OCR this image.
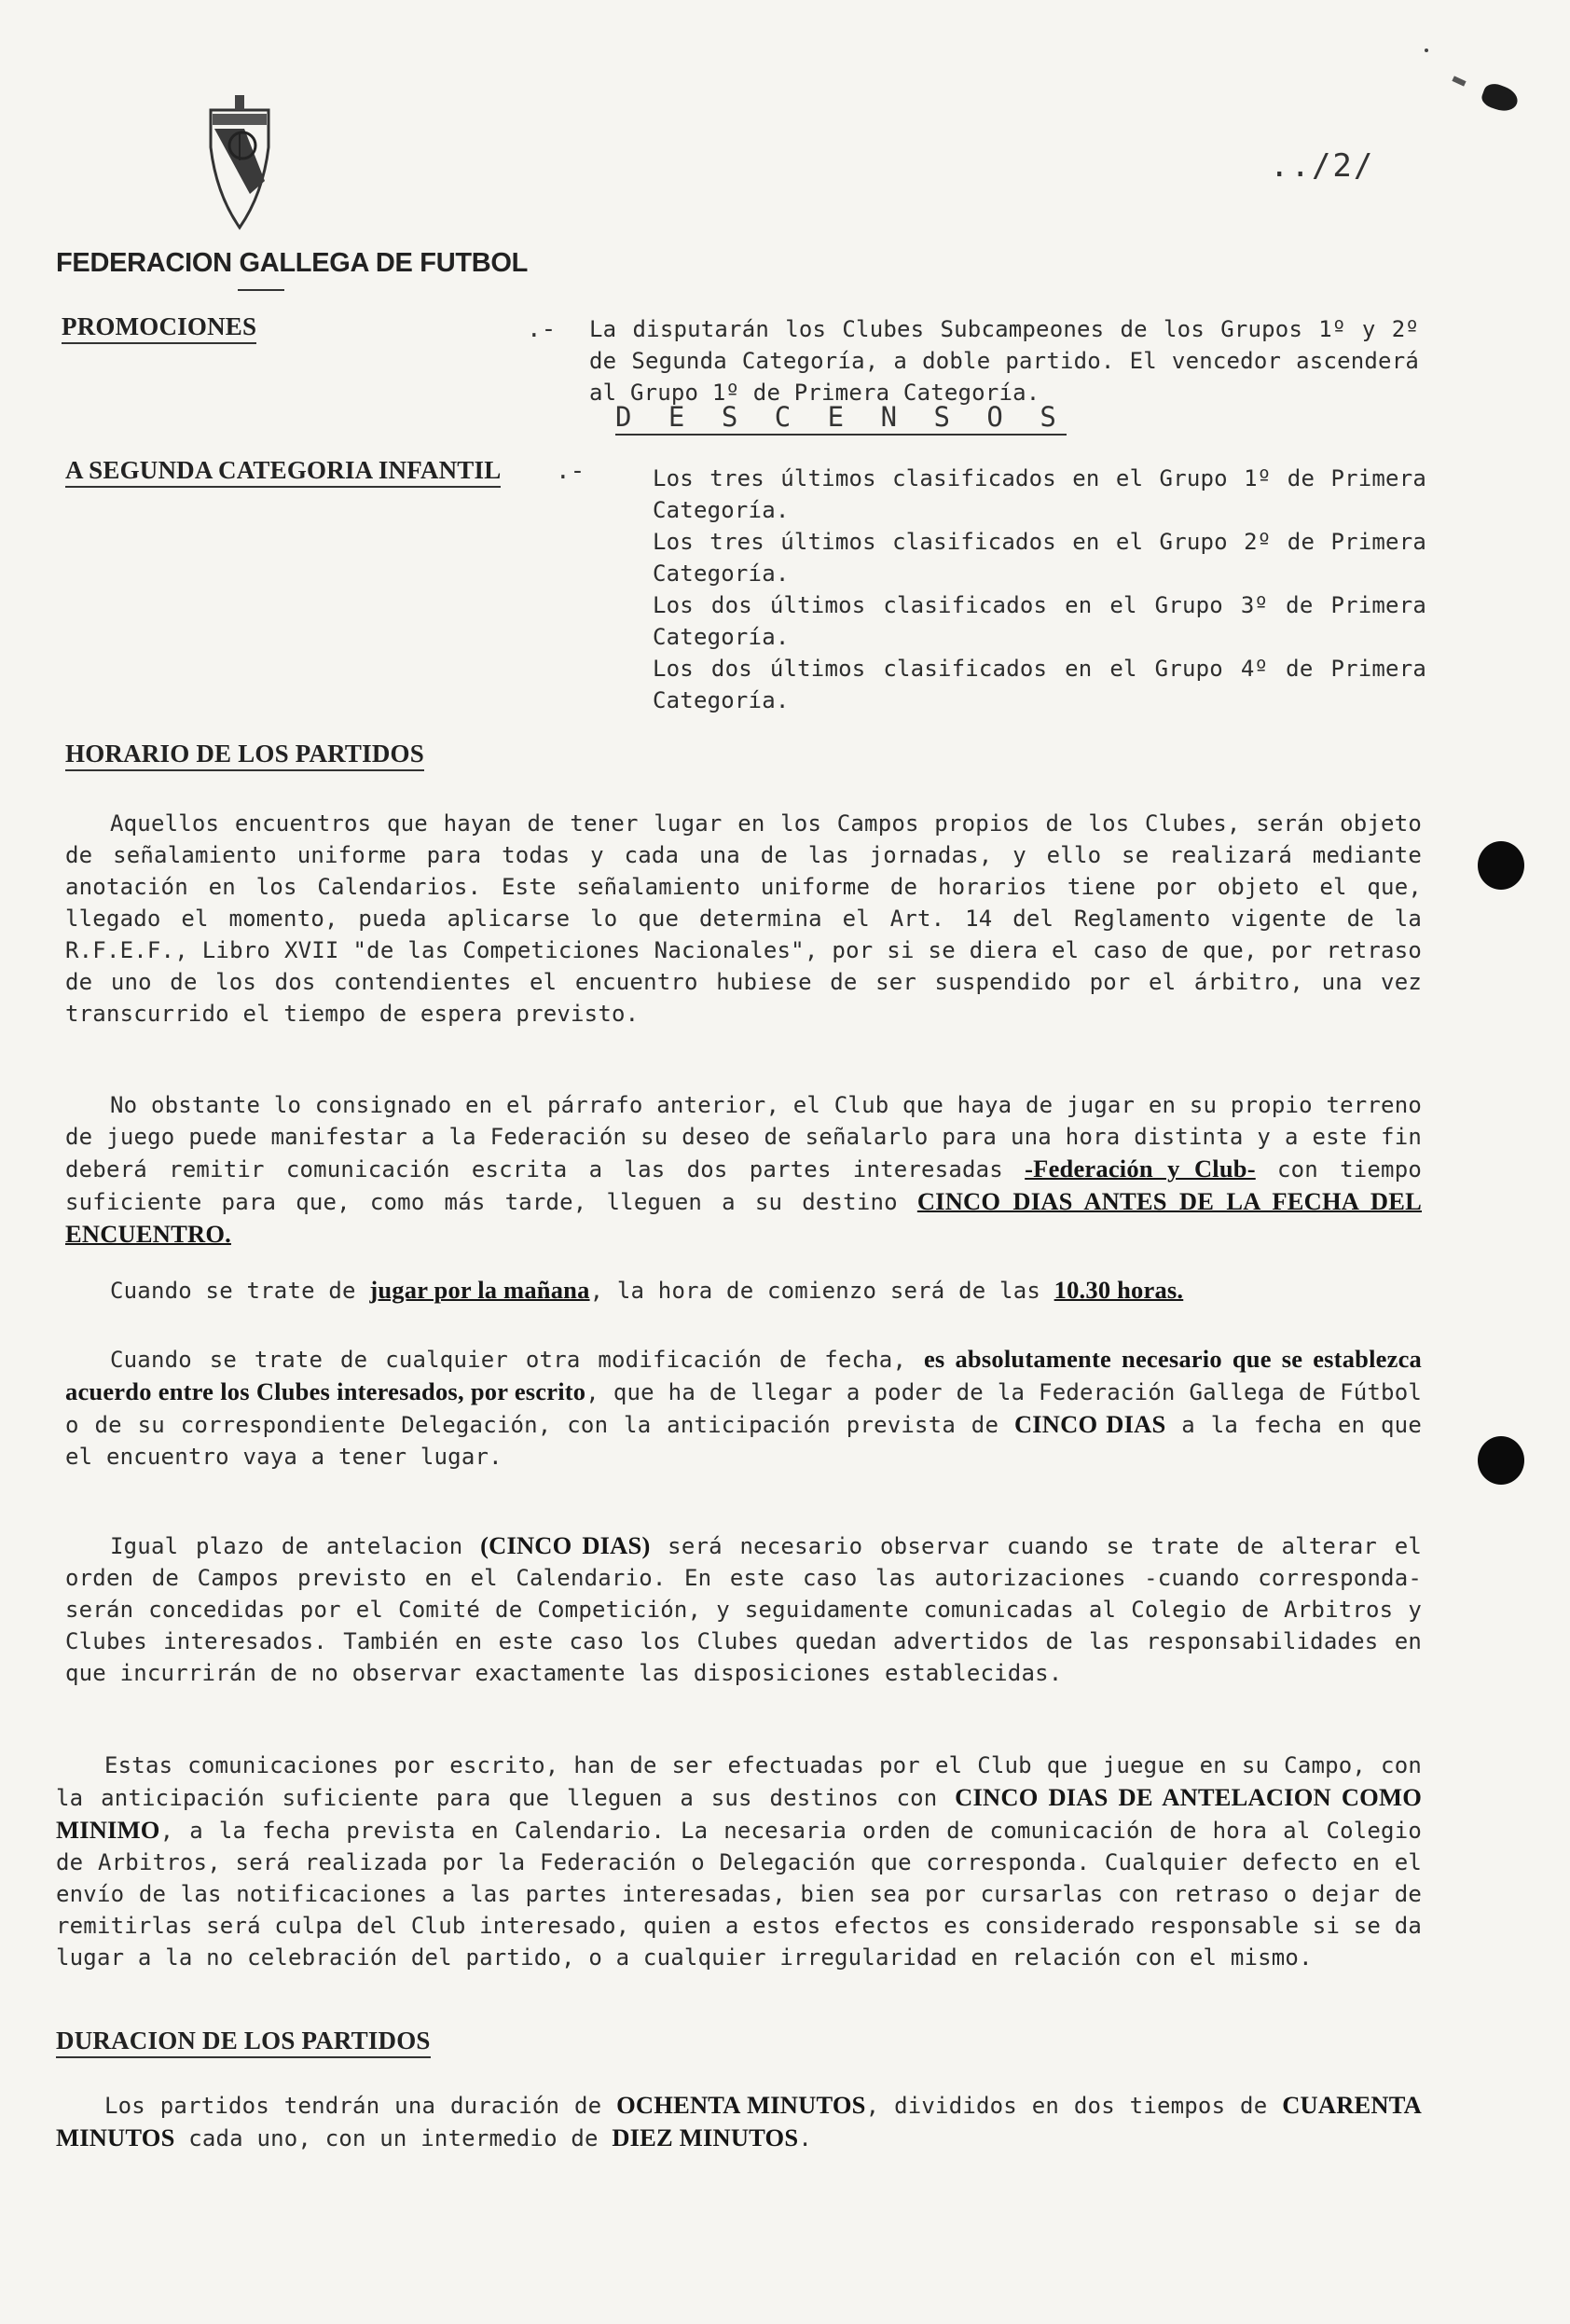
FEDERACION GALLEGA DE FUTBOL
../2/
PROMOCIONES	.- La disputarán los Clubes Subcampeones de los Grupos 1º y 2º de Segunda Categoría, a doble partido. El vencedor ascenderá al Grupo 1º de Primera Categoría.

D E S C E N S O S
A SEGUNDA CATEGORIA INFANTIL .-	Los tres últimos clasificados en el Grupo 1º de Primera Categoría.

Los tres últimos clasificados en el Grupo 2º de Primera Categoría.

Los dos últimos clasificados en el Grupo 3º de Primera Categoría.

Los dos últimos clasificados en el Grupo 4º de Primera Categoría.

HORARIO DE LOS PARTIDOS

Aquellos encuentros que hayan de tener lugar en los Campos propios de los Clubes, serán objeto de señalamiento uniforme para todas y cada una de las jornadas, y ello se realizará mediante anotación en los Calendarios. Este señalamiento uniforme de horarios tiene por objeto el que, llegado el momento, pueda aplicarse lo que determina el Art. 14 del Reglamento vigente de la R.F.E.F., Libro XVII "de las Competiciones Nacionales", por si se diera el caso de que, por retraso de uno de los dos contendientes el encuentro hubiese de ser suspendido por el árbitro, una vez transcurrido el tiempo de espera previsto.

No obstante lo consignado en el párrafo anterior, el Club que haya de jugar en su propio terreno de juego puede manifestar a la Federación su deseo de señalarlo para una hora distinta y a este fin deberá remitir comunicación escrita a las dos partes interesadas -Federación y Club- con tiempo suficiente para que, como más tarde, lleguen a su destino CINCO DIAS ANTES DE LA FECHA DEL ENCUENTRO.

Cuando se trate de jugar por la mañana, la hora de comienzo será de las 10.30 horas.

Cuando se trate de cualquier otra modificación de fecha, es absolutamente necesario que se establezca acuerdo entre los Clubes interesados, por escrito, que ha de llegar a poder de la Federación Gallega de Fútbol o de su correspondiente Delegación, con la anticipación prevista de CINCO DIAS a la fecha en que el encuentro vaya a tener lugar.

Igual plazo de antelacion (CINCO DIAS) será necesario observar cuando se trate de alterar el orden de Campos previsto en el Calendario. En este caso las autorizaciones -cuando corresponda- serán concedidas por el Comité de Competición, y seguidamente comunicadas al Colegio de Arbitros y Clubes interesados. También en este caso los Clubes quedan advertidos de las responsabilidades en que incurrirán de no observar exactamente las disposiciones establecidas.

Estas comunicaciones por escrito, han de ser efectuadas por el Club que juegue en su Campo, con la anticipación suficiente para que lleguen a sus destinos con CINCO DIAS DE ANTELACION COMO MINIMO, a la fecha prevista en Calendario. La necesaria orden de comunicación de hora al Colegio de Arbitros, será realizada por la Federación o Delegación que corresponda. Cualquier defecto en el envío de las notificaciones a las partes interesadas, bien sea por cursarlas con retraso o dejar de remitirlas será culpa del Club interesado, quien a estos efectos es considerado responsable si se da lugar a la no celebración del partido, o a cualquier irregularidad en relación con el mismo.

DURACION DE LOS PARTIDOS

Los partidos tendrán una duración de OCHENTA MINUTOS, divididos en dos tiempos de CUARENTA MINUTOS cada uno, con un intermedio de DIEZ MINUTOS.
